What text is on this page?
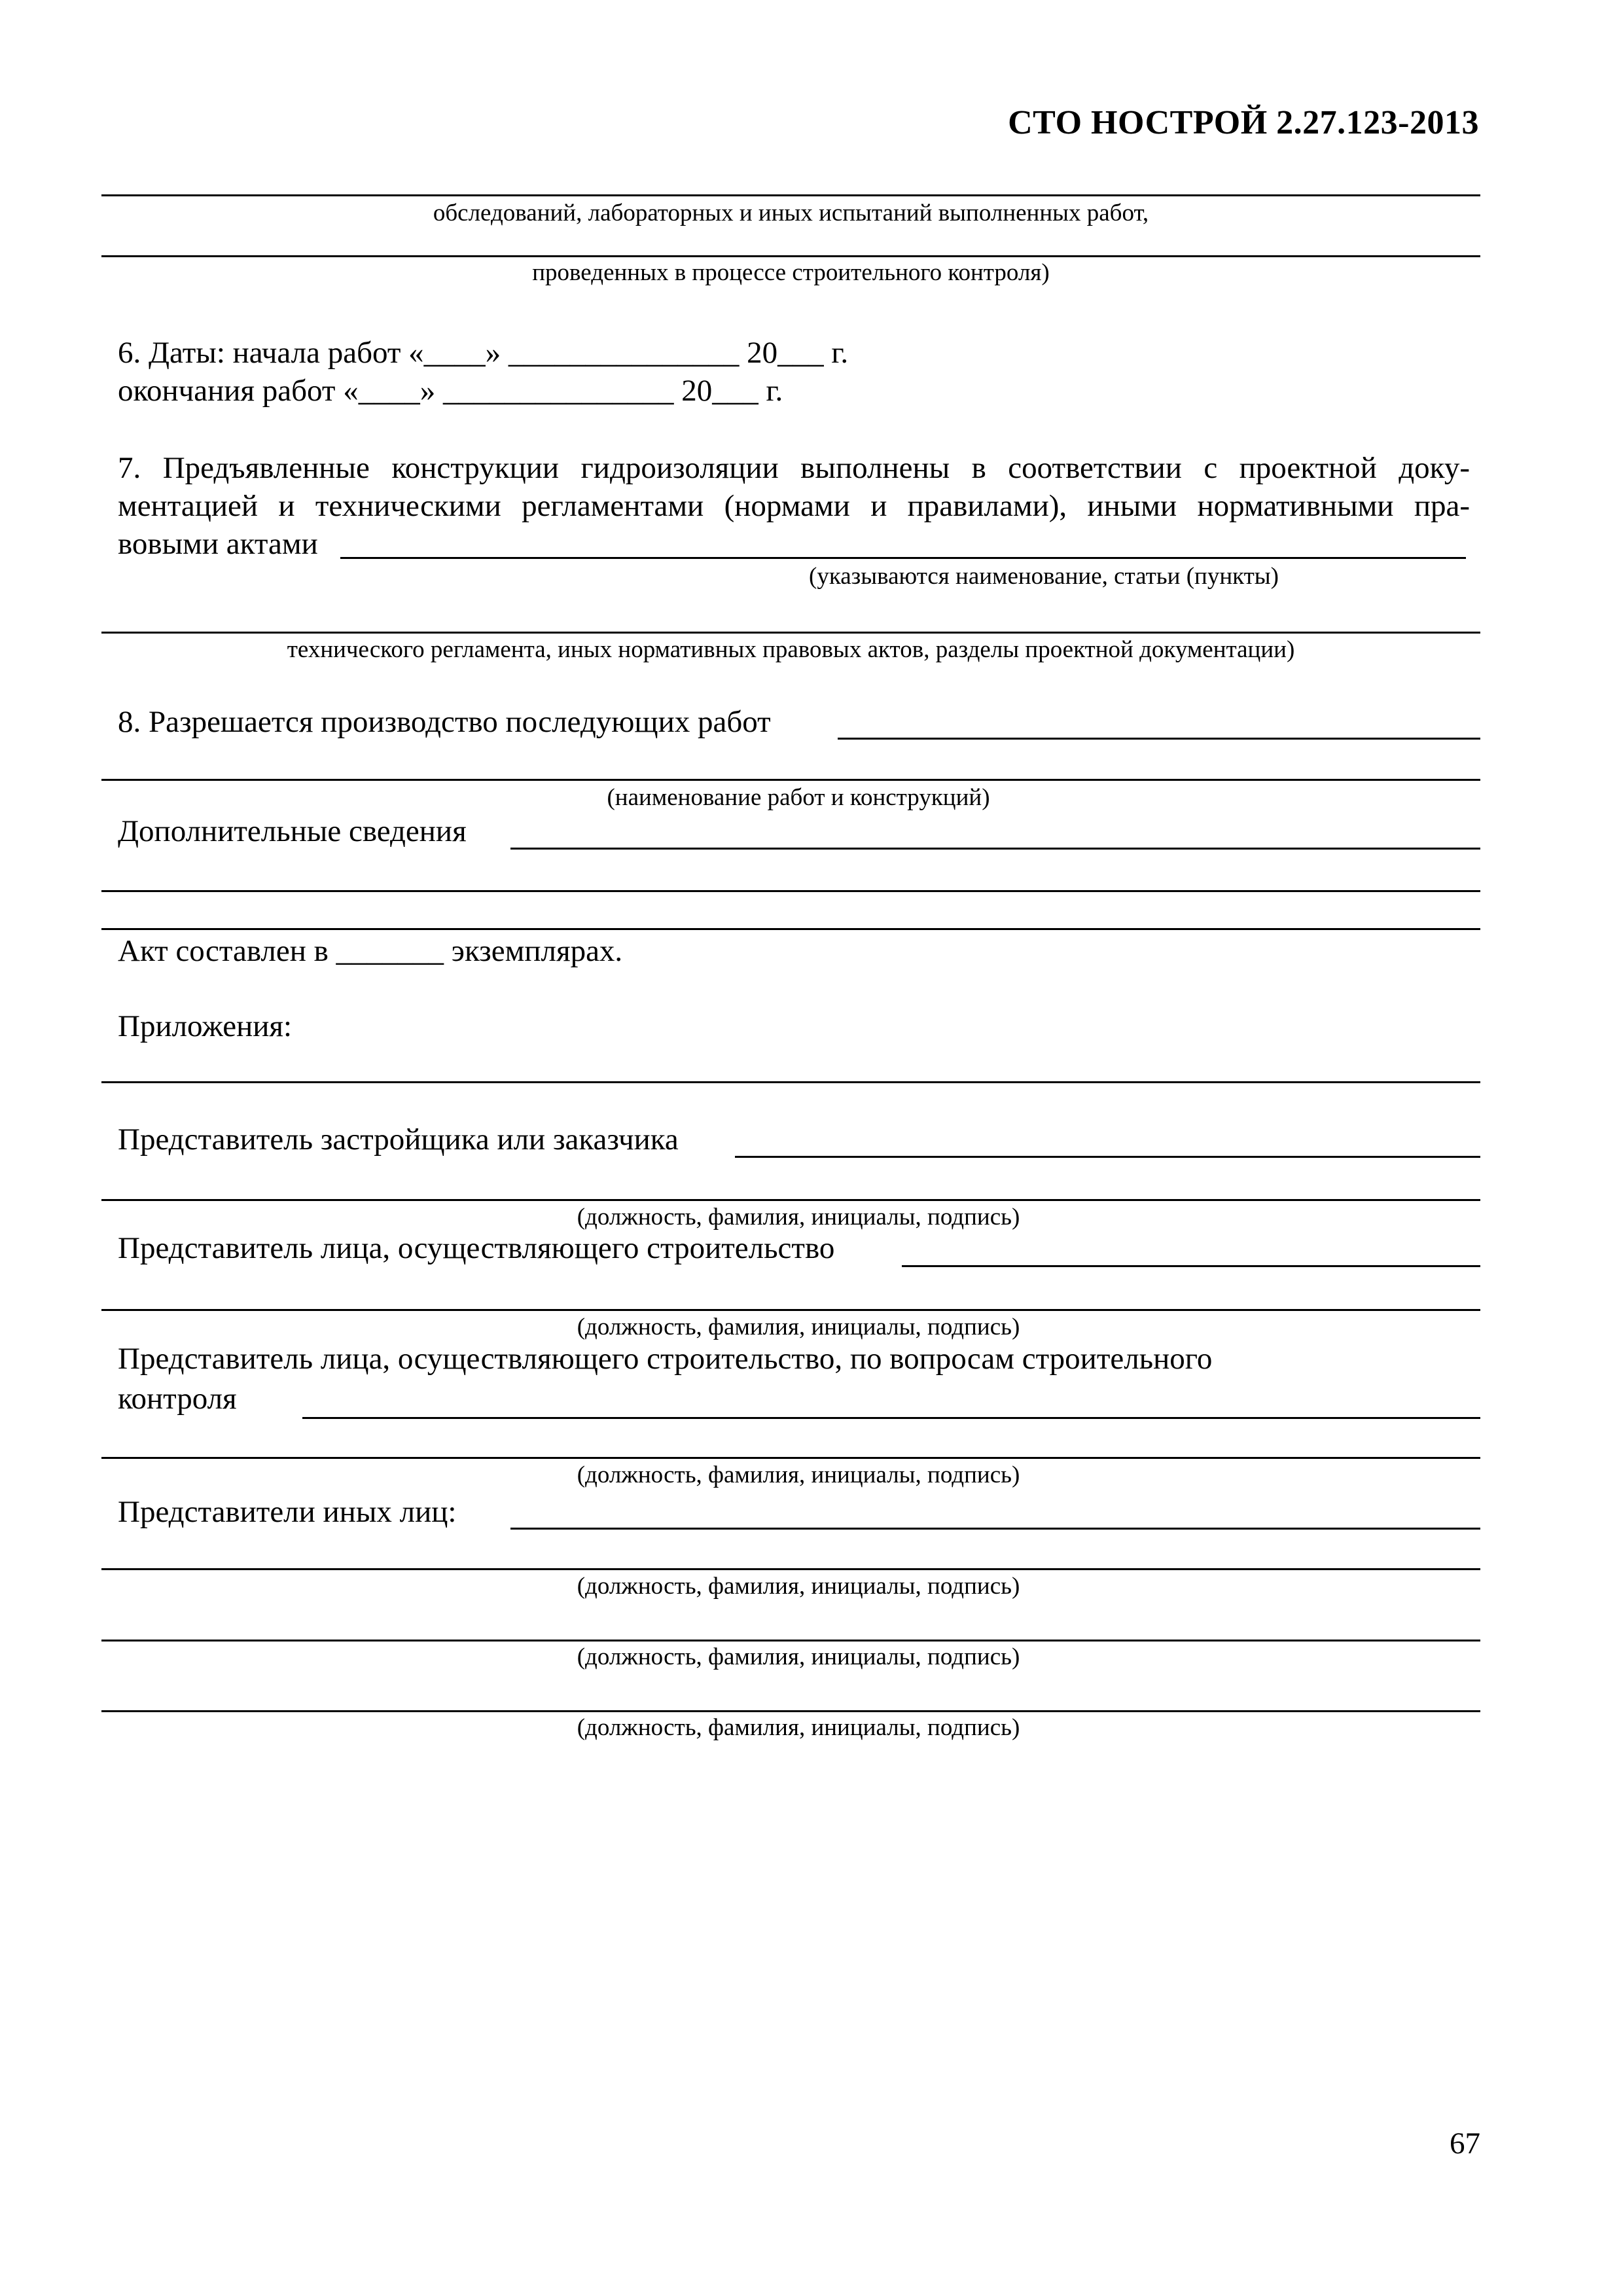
СТО НОСТРОЙ 2.27.123-2013
обследований, лабораторных и иных испытаний выполненных работ,
проведенных в процессе строительного контроля)
6. Даты: начала работ «____» _______________ 20___ г.
окончания работ «____» _______________ 20___ г.
7. Предъявленные конструкции гидроизоляции выполнены в соответствии с проектной доку-
ментацией и техническими регламентами (нормами и правилами), иными нормативными пра-
вовыми актами
(указываются наименование, статьи (пункты)
технического регламента, иных нормативных правовых актов, разделы проектной документации)
8. Разрешается производство последующих работ
(наименование работ и конструкций)
Дополнительные сведения
Акт составлен в _______ экземплярах.
Приложения:
Представитель застройщика или заказчика
(должность, фамилия, инициалы, подпись)
Представитель лица, осуществляющего строительство
(должность, фамилия, инициалы, подпись)
Представитель лица, осуществляющего строительство, по вопросам строительного
контроля
(должность, фамилия, инициалы, подпись)
Представители иных лиц:
(должность, фамилия, инициалы, подпись)
(должность, фамилия, инициалы, подпись)
(должность, фамилия, инициалы, подпись)
67
